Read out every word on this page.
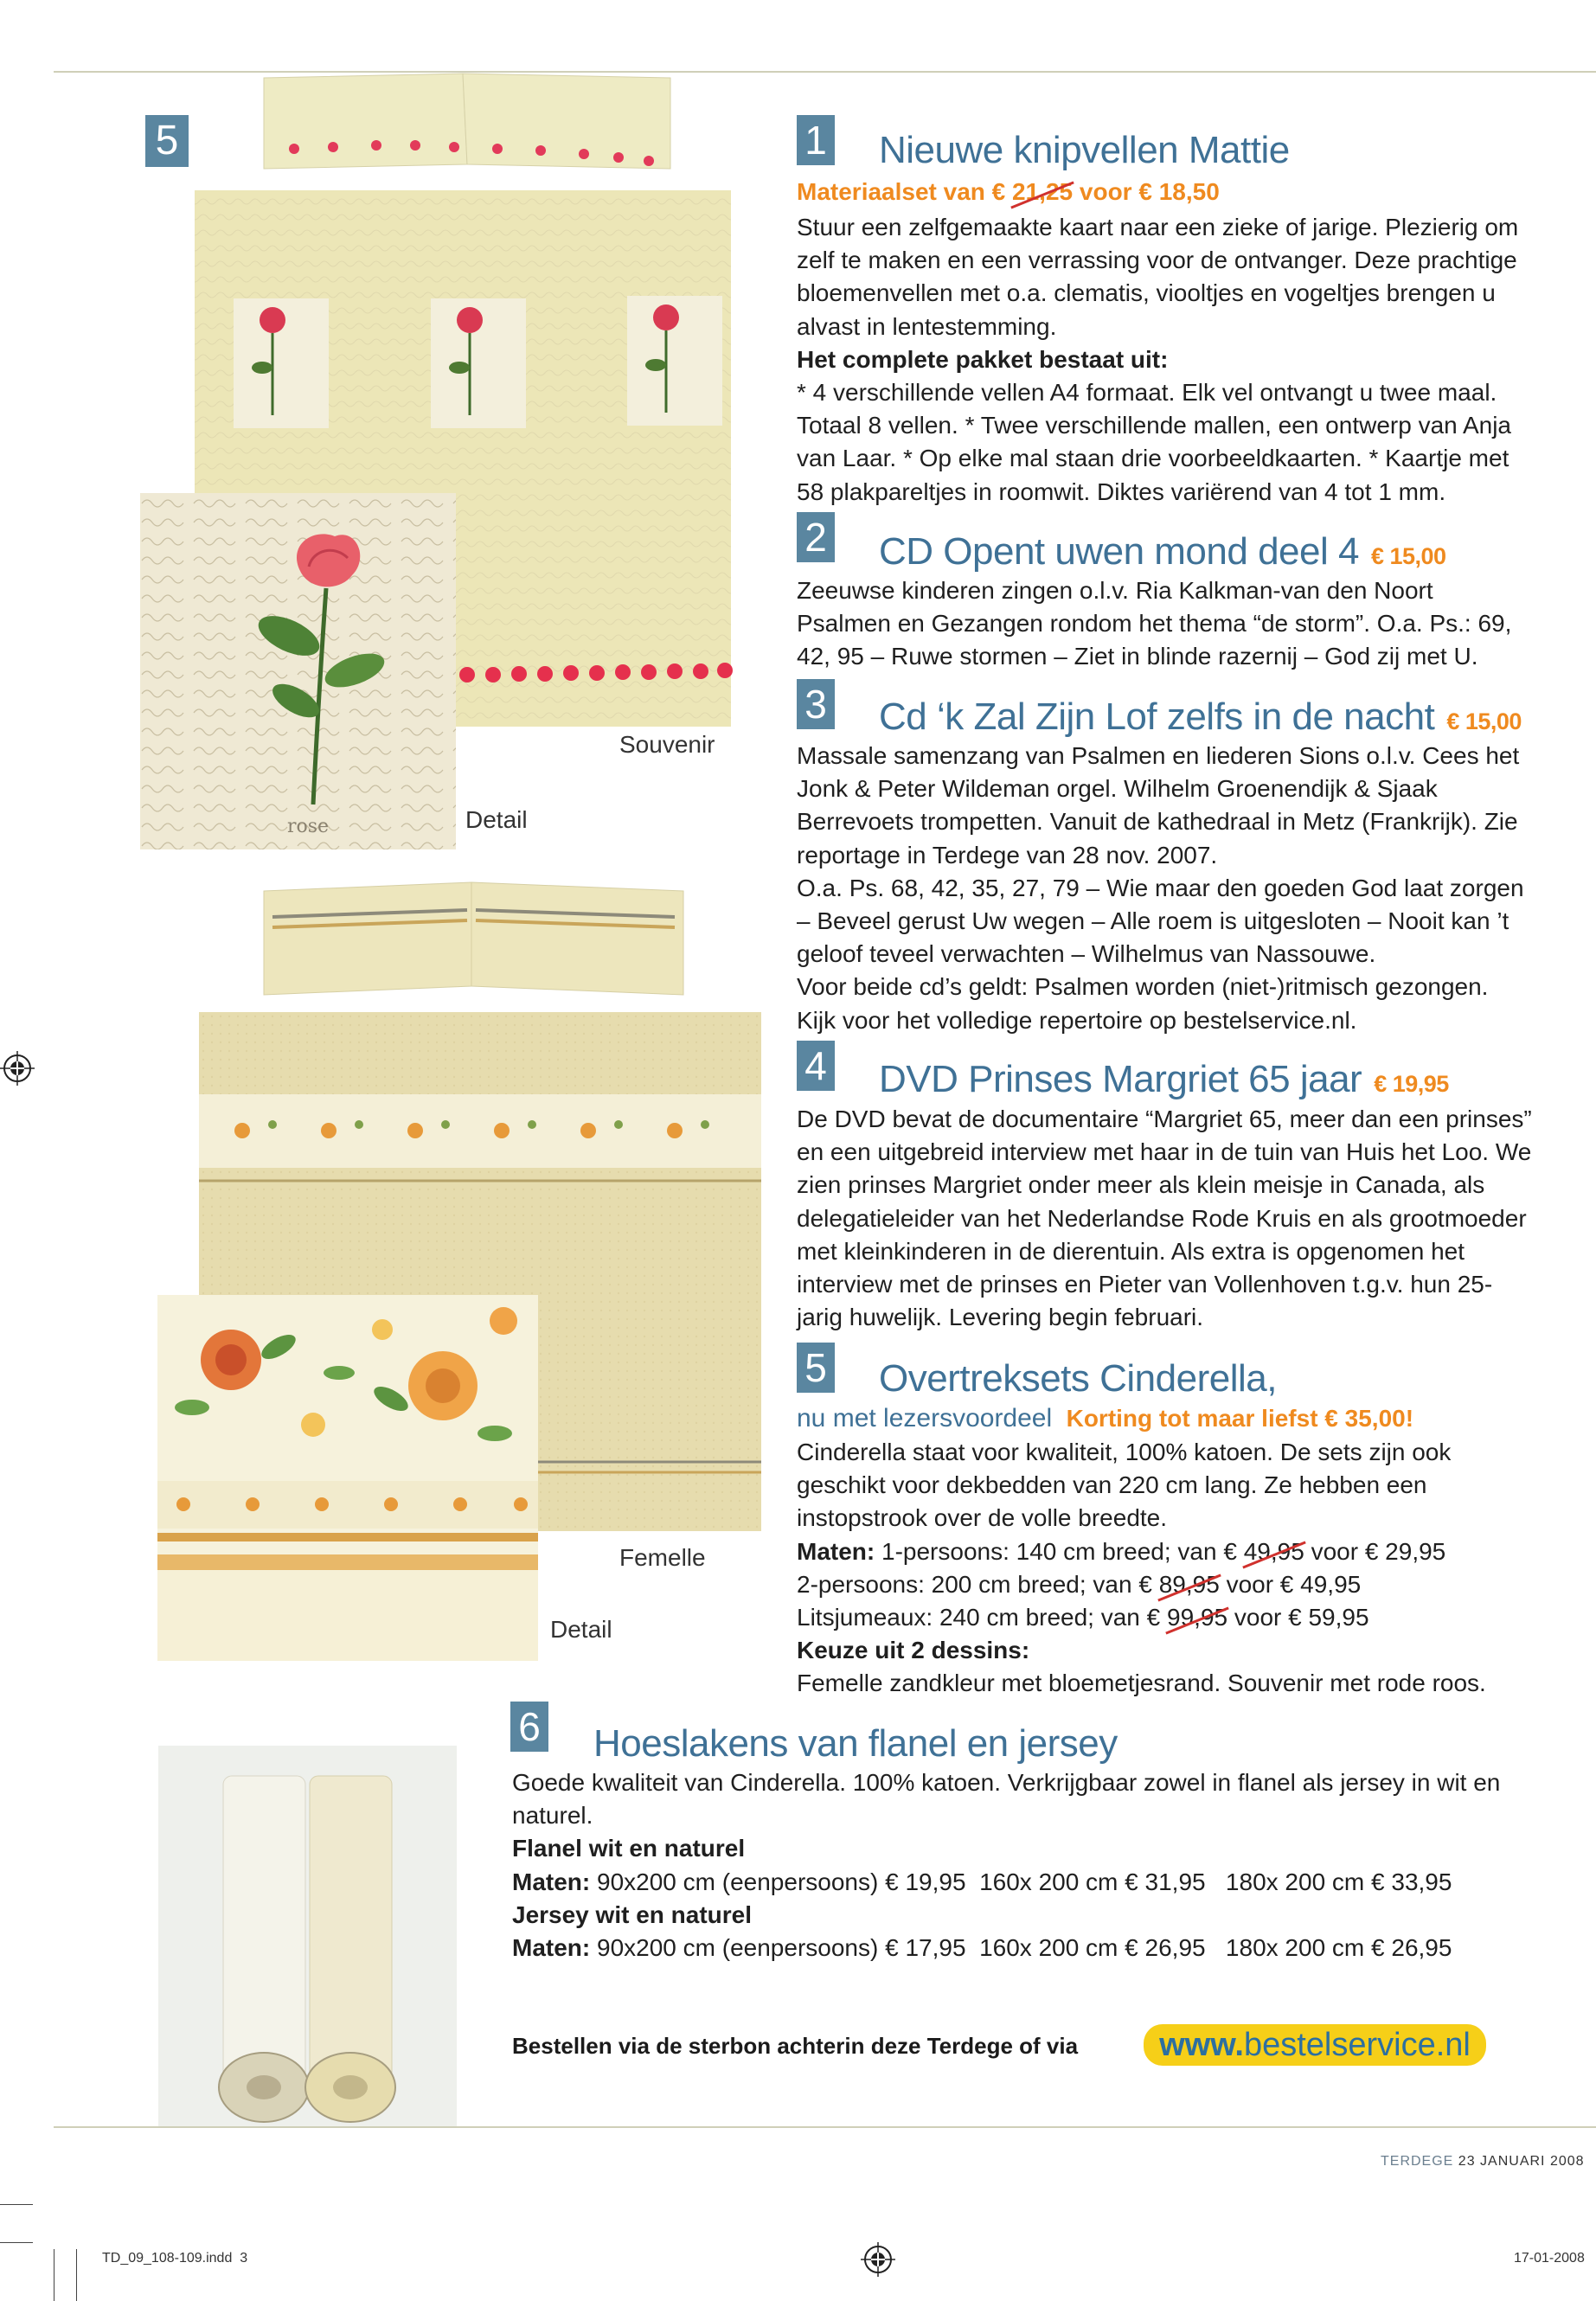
rose
5
Souvenir
Detail
Femelle
Detail
1 Nieuwe knipvellen Mattie
Materiaalset van € 21,25 voor € 18,50

Stuur een zelfgemaakte kaart naar een zieke of jarige. Plezierig om zelf te maken en een verrassing voor de ontvanger. Deze prachtige bloemenvellen met o.a. clematis, viooltjes en vogeltjes brengen u alvast in lentestemming.

Het complete pakket bestaat uit:

* 4 verschillende vellen A4 formaat. Elk vel ontvangt u twee maal. Totaal 8 vellen. * Twee verschillende mallen, een ontwerp van Anja van Laar. * Op elke mal staan drie voorbeeldkaarten. * Kaartje met 58 plakpareltjes in roomwit. Diktes variërend van 4 tot 1 mm.

2 CD Opent uwen mond deel 4 € 15,00
Zeeuwse kinderen zingen o.l.v. Ria Kalkman-van den Noort Psalmen en Gezangen rondom het thema “de storm”. O.a. Ps.: 69, 42, 95 – Ruwe stormen – Ziet in blinde razernij – God zij met U.
3 Cd ‘k Zal Zijn Lof zelfs in de nacht € 15,00

Massale samenzang van Psalmen en liederen Sions o.l.v. Cees het Jonk & Peter Wildeman orgel. Wilhelm Groenendijk & Sjaak Berrevoets trompetten. Vanuit de kathedraal in Metz (Frankrijk). Zie reportage in Terdege van 28 nov. 2007.

O.a. Ps. 68, 42, 35, 27, 79 – Wie maar den goeden God laat zorgen – Beveel gerust Uw wegen – Alle roem is uitgesloten – Nooit kan ’t geloof teveel verwachten – Wilhelmus van Nassouwe.

Voor beide cd’s geldt: Psalmen worden (niet-)ritmisch gezongen. Kijk voor het volledige repertoire op bestelservice.nl.

4 DVD Prinses Margriet 65 jaar € 19,95
De DVD bevat de documentaire “Margriet 65, meer dan een prinses” en een uitgebreid interview met haar in de tuin van Huis het Loo. We zien prinses Margriet onder meer als klein meisje in Canada, als delegatieleider van het Nederlandse Rode Kruis en als grootmoeder met kleinkinderen in de dierentuin. Als extra is opgenomen het interview met de prinses en Pieter van Vollenhoven t.g.v. hun 25-jarig huwelijk. Levering begin februari.
5 Overtreksets Cinderella,
nu met lezersvoordeel Korting tot maar liefst € 35,00!

Cinderella staat voor kwaliteit, 100% katoen. De sets zijn ook geschikt voor dekbedden van 220 cm lang. Ze hebben een instopstrook over de volle breedte.

Maten: 1-persoons: 140 cm breed; van € 49,95 voor € 29,95

2-persoons: 200 cm breed; van € 89,95 voor € 49,95

Litsjumeaux: 240 cm breed; van € 99,95 voor € 59,95

Keuze uit 2 dessins:

Femelle zandkleur met bloemetjesrand. Souvenir met rode roos.

6 Hoeslakens van flanel en jersey

Goede kwaliteit van Cinderella. 100% katoen. Verkrijgbaar zowel in flanel als jersey in wit en naturel.

Flanel wit en naturel

Maten: 90x200 cm (eenpersoons) € 19,95  160x 200 cm € 31,95   180x 200 cm € 33,95

Jersey wit en naturel

Maten: 90x200 cm (eenpersoons) € 17,95  160x 200 cm € 26,95   180x 200 cm € 26,95

Bestellen via de sterbon achterin deze Terdege of via	www.bestelservice.nl
TERDEGE 23 JANUARI 2008
TD_09_108-109.indd  3	17-01-2008
